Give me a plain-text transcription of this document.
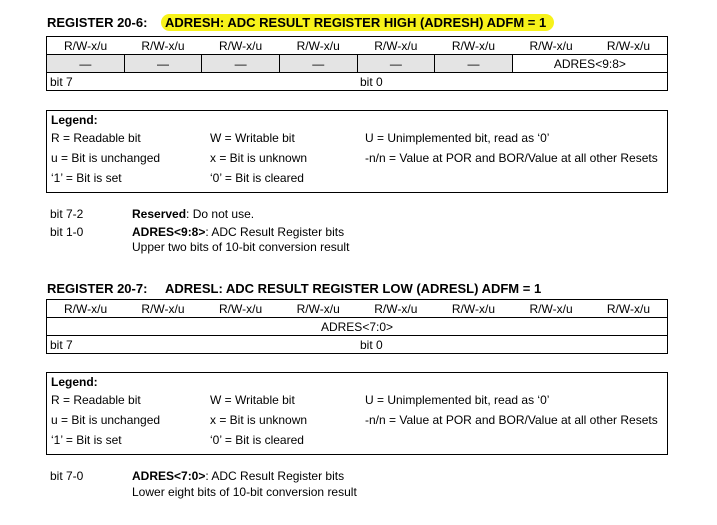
REGISTER 20-6: ADRESH: ADC RESULT REGISTER HIGH (ADRESH) ADFM = 1
R/W-x/u	R/W-x/u	R/W-x/u	R/W-x/u	R/W-x/u	R/W-x/u	R/W-x/u	R/W-x/u
—	—	—	—	—	—	ADRES<9:8>	
bit 7				bit 0			
Legend:
R = Readable bit	W = Writable bit	U = Unimplemented bit, read as ‘0’
u = Bit is unchanged	x = Bit is unknown	-n/n = Value at POR and BOR/Value at all other Resets
‘1’ = Bit is set	‘0’ = Bit is cleared
bit 7-2	Reserved: Do not use.
bit 1-0	ADRES<9:8>: ADC Result Register bits
Upper two bits of 10-bit conversion result
REGISTER 20-7: ADRESL: ADC RESULT REGISTER LOW (ADRESL) ADFM = 1
R/W-x/u	R/W-x/u	R/W-x/u	R/W-x/u	R/W-x/u	R/W-x/u	R/W-x/u	R/W-x/u
ADRES<7:0>							
bit 7				bit 0			
Legend:
R = Readable bit	W = Writable bit	U = Unimplemented bit, read as ‘0’
u = Bit is unchanged	x = Bit is unknown	-n/n = Value at POR and BOR/Value at all other Resets
‘1’ = Bit is set	‘0’ = Bit is cleared
bit 7-0	ADRES<7:0>: ADC Result Register bits
Lower eight bits of 10-bit conversion result
